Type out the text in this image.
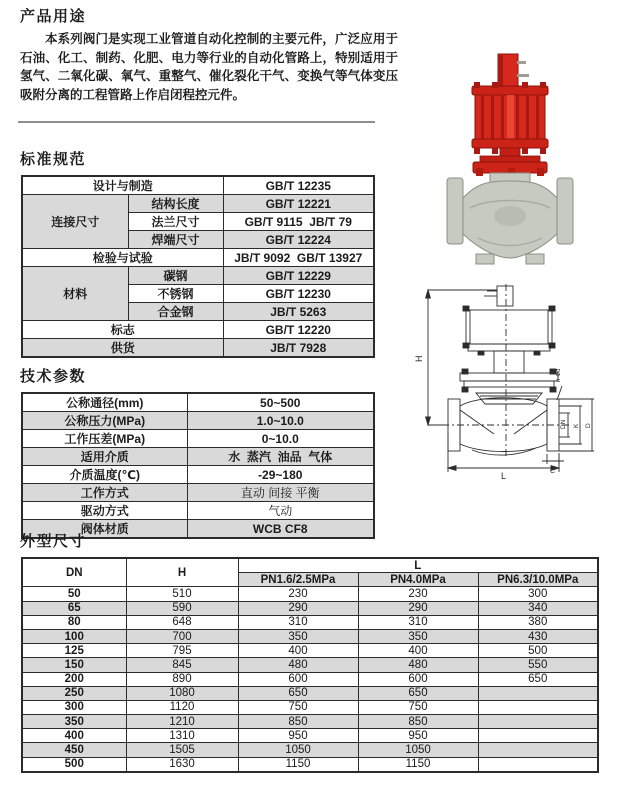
产品用途
本系列阀门是实现工业管道自动化控制的主要元件，广泛应用于石油、化工、制药、化肥、电力等行业的自动化管路上，特别适用于氢气、二氧化碳、氧气、重整气、催化裂化干气、变换气等气体变压吸附分离的工程管路上作启闭程控元件。
标准规范
设计与制造		GB/T 12235
连接尺寸	结构长度	GB/T 12221
	法兰尺寸	GB/T 9115  JB/T 79
	焊端尺寸	GB/T 12224
检验与试验		JB/T 9092  GB/T 13927
材料	碳钢	GB/T 12229
	不锈钢	GB/T 12230
	合金钢	JB/T 5263
标志		GB/T 12220
供货		JB/T 7928
技术参数
公称通径(mm)	50~500
公称压力(MPa)	1.0~10.0
工作压差(MPa)	0~10.0
适用介质	水  蒸汽  油品  气体
介质温度(℃)	-29~180
工作方式	直动 间接 平衡
驱动方式	气动
阀体材质	WCB CF8
外型尺寸
DN	H	L		
		PN1.6/2.5MPa	PN4.0MPa	PN6.3/10.0MPa
50	510	230	230	300
65	590	290	290	340
80	648	310	310	380
100	700	350	350	430
125	795	400	400	500
150	845	480	480	550
200	890	600	600	650
250	1080	650	650	
300	1120	750	750	
350	1210	850	850	
400	1310	950	950	
450	1505	1050	1050	
500	1630	1150	1150	
H
L
DN K D
n-Φd
C
